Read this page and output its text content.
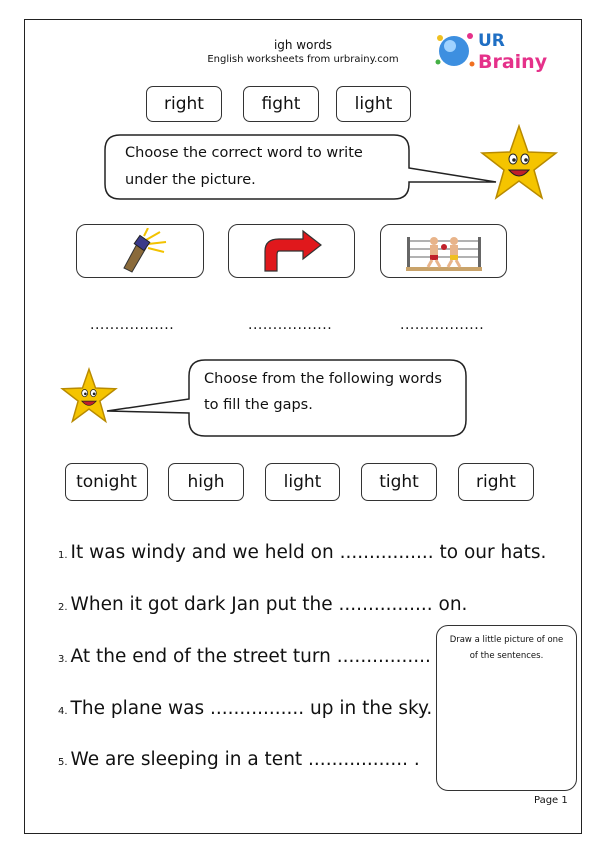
igh words
English worksheets from urbrainy.com
UR
Brainy
right	fight	light
Choose the correct word to write
under the picture.
.................	.................	.................
Choose from the following words
to fill the gaps.
tonight	high	light	tight	right
1. It was windy and we held on ................ to our hats.
2. When it got dark Jan put the ................ on.
3. At the end of the street turn ................
4. The plane was ................ up in the sky.
5. We are sleeping in a tent ................. .
Draw a little picture of one
of the sentences.
Page 1
